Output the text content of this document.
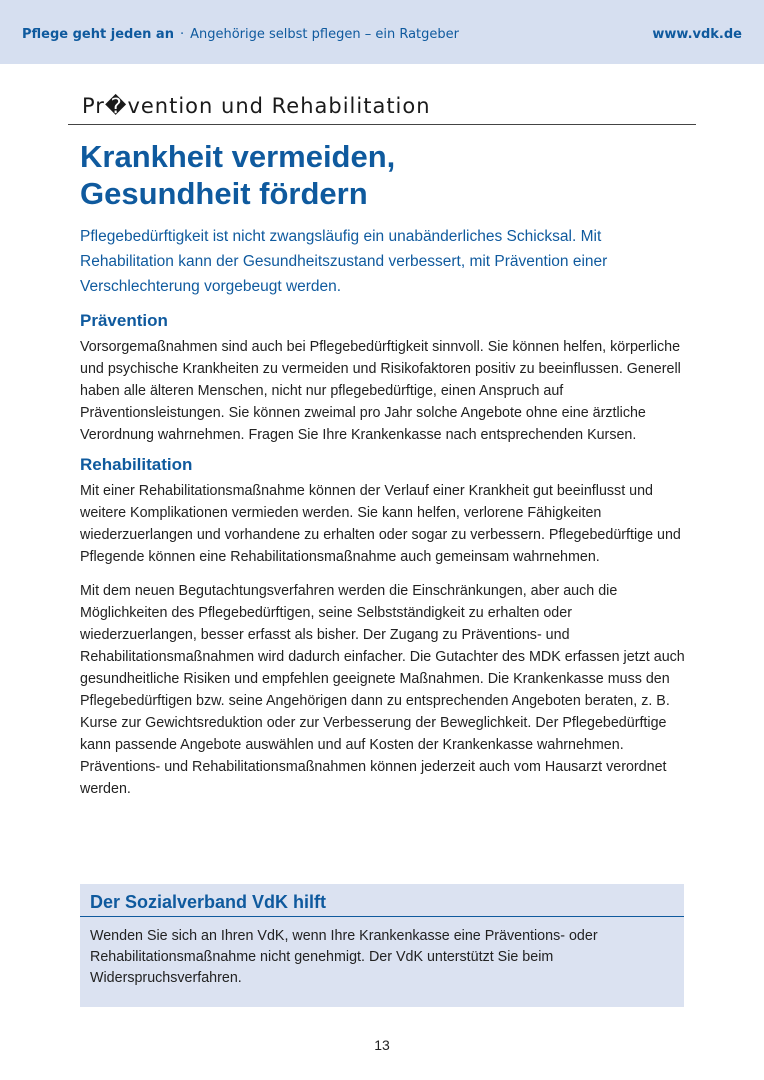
Pflege geht jeden an · Angehörige selbst pflegen – ein Ratgeber	www.vdk.de
Pr�vention und Rehabilitation
Krankheit vermeiden,
Gesundheit fördern

Pflegebedürftigkeit ist nicht zwangsläufig ein unabänderliches Schicksal. Mit Rehabilitation kann der Gesundheitszustand verbessert, mit Prävention einer Verschlechterung vorgebeugt werden.

Prävention

Vorsorgemaßnahmen sind auch bei Pflegebedürftigkeit sinnvoll. Sie können helfen, körperliche und psychische Krankheiten zu vermeiden und Risikofaktoren positiv zu beeinflussen. Generell haben alle älteren Menschen, nicht nur pflegebedürftige, einen Anspruch auf Präventionsleistungen. Sie können zweimal pro Jahr solche Angebote ohne eine ärztliche Verordnung wahrnehmen. Fragen Sie Ihre Krankenkasse nach entsprechenden Kursen.

Rehabilitation

Mit einer Rehabilitationsmaßnahme können der Verlauf einer Krankheit gut beeinflusst und weitere Komplikationen vermieden werden. Sie kann helfen, verlorene Fähigkeiten wiederzuerlangen und vorhandene zu erhalten oder sogar zu verbessern. Pflegebedürftige und Pflegende können eine Rehabilitationsmaßnahme auch gemeinsam wahrnehmen.

Mit dem neuen Begutachtungsverfahren werden die Einschränkungen, aber auch die Möglichkeiten des Pflegebedürftigen, seine Selbstständigkeit zu erhalten oder wiederzuerlangen, besser erfasst als bisher. Der Zugang zu Präventions- und Rehabilitationsmaßnahmen wird dadurch einfacher. Die Gutachter des MDK erfassen jetzt auch gesundheitliche Risiken und empfehlen geeignete Maßnahmen. Die Krankenkasse muss den Pflegebedürftigen bzw. seine Angehörigen dann zu entsprechenden Angeboten beraten, z. B. Kurse zur Gewichtsreduktion oder zur Verbesserung der Beweglichkeit. Der Pflegebedürftige kann passende Angebote auswählen und auf Kosten der Krankenkasse wahrnehmen. Präventions- und Rehabilitationsmaßnahmen können jederzeit auch vom Hausarzt verordnet werden.

Der Sozialverband VdK hilft
Wenden Sie sich an Ihren VdK, wenn Ihre Krankenkasse eine Präventions- oder Rehabilitationsmaßnahme nicht genehmigt. Der VdK unterstützt Sie beim Widerspruchsverfahren.
13
